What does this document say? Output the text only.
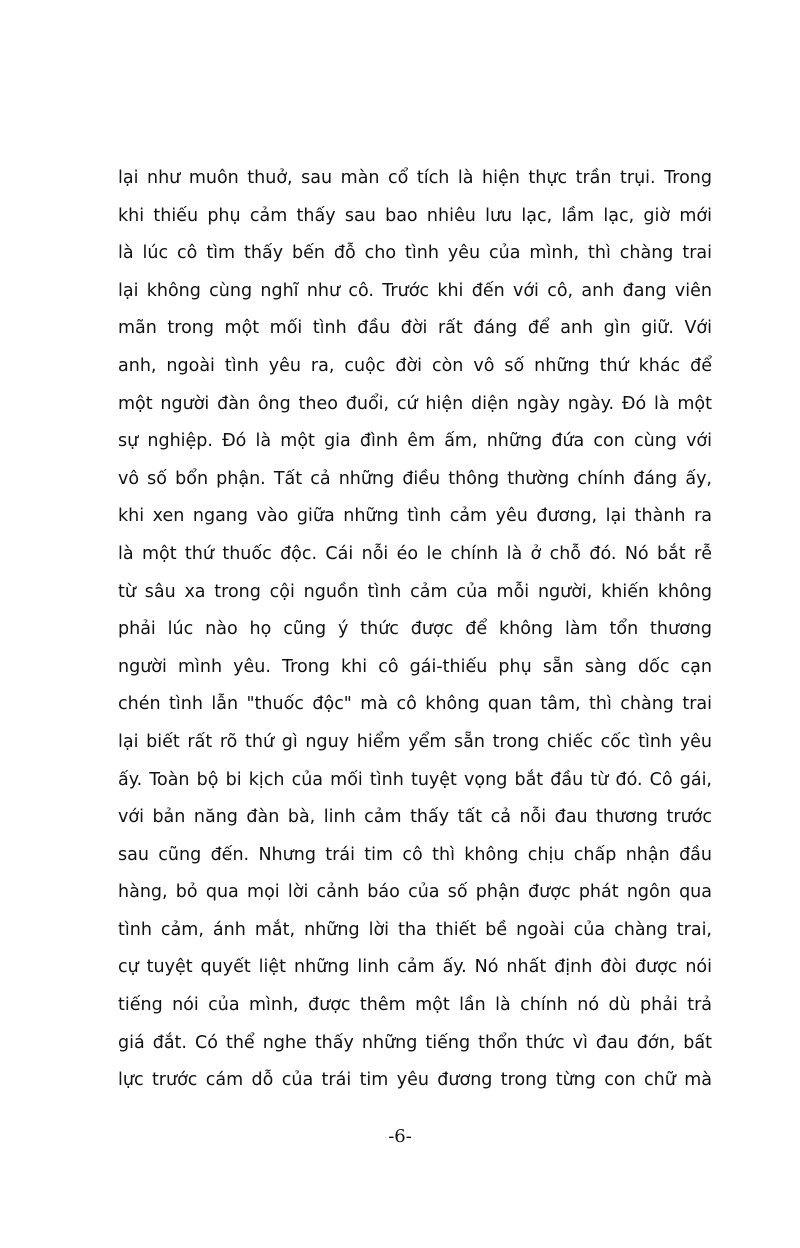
lại như muôn thuở, sau màn cổ tích là hiện thực trần trụi. Trong
khi thiếu phụ cảm thấy sau bao nhiêu lưu lạc, lầm lạc, giờ mới
là lúc cô tìm thấy bến đỗ cho tình yêu của mình, thì chàng trai
lại không cùng nghĩ như cô. Trước khi đến với cô, anh đang viên
mãn trong một mối tình đầu đời rất đáng để anh gìn giữ. Với
anh, ngoài tình yêu ra, cuộc đời còn vô số những thứ khác để
một người đàn ông theo đuổi, cứ hiện diện ngày ngày. Đó là một
sự nghiệp. Đó là một gia đình êm ấm, những đứa con cùng với
vô số bổn phận. Tất cả những điều thông thường chính đáng ấy,
khi xen ngang vào giữa những tình cảm yêu đương, lại thành ra
là một thứ thuốc độc. Cái nỗi éo le chính là ở chỗ đó. Nó bắt rễ
từ sâu xa trong cội nguồn tình cảm của mỗi người, khiến không
phải lúc nào họ cũng ý thức được để không làm tổn thương
người mình yêu. Trong khi cô gái-thiếu phụ sẵn sàng dốc cạn
chén tình lẫn "thuốc độc" mà cô không quan tâm, thì chàng trai
lại biết rất rõ thứ gì nguy hiểm yểm sẵn trong chiếc cốc tình yêu
ấy. Toàn bộ bi kịch của mối tình tuyệt vọng bắt đầu từ đó. Cô gái,
với bản năng đàn bà, linh cảm thấy tất cả nỗi đau thương trước
sau cũng đến. Nhưng trái tim cô thì không chịu chấp nhận đầu
hàng, bỏ qua mọi lời cảnh báo của số phận được phát ngôn qua
tình cảm, ánh mắt, những lời tha thiết bề ngoài của chàng trai,
cự tuyệt quyết liệt những linh cảm ấy. Nó nhất định đòi được nói
tiếng nói của mình, được thêm một lần là chính nó dù phải trả
giá đắt. Có thể nghe thấy những tiếng thổn thức vì đau đớn, bất
lực trước cám dỗ của trái tim yêu đương trong từng con chữ mà
-6-
